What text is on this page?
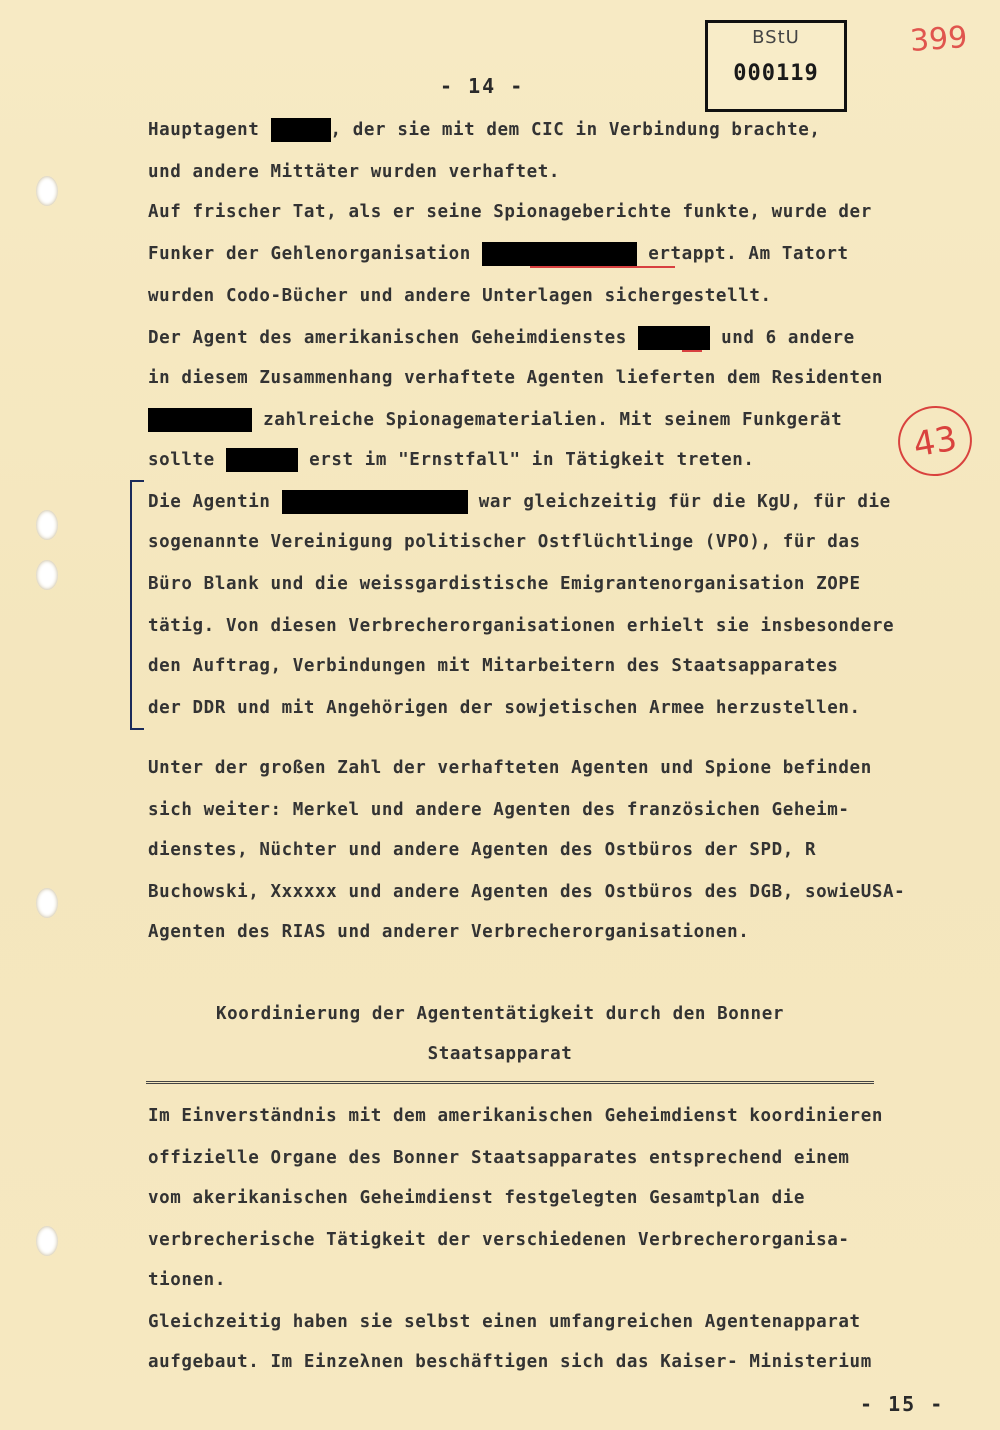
BStU
000119
399
43
- 14 -
Hauptagent	, der sie mit dem CIC in Verbindung brachte,
und andere Mittäter wurden verhaftet.
Auf frischer Tat, als er seine Spionageberichte funkte, wurde der
Funker der Gehlenorganisation	ertappt. Am Tatort
wurden Codo-Bücher und andere Unterlagen sichergestellt.
Der Agent des amerikanischen Geheimdienstes	und 6 andere
in diesem Zusammenhang verhaftete Agenten lieferten dem Residenten
zahlreiche Spionagematerialien. Mit seinem Funkgerät
sollte	erst im "Ernstfall" in Tätigkeit treten.
Die Agentin	war gleichzeitig für die KgU, für die
sogenannte Vereinigung politischer Ostflüchtlinge (VPO), für das
Büro Blank und die weissgardistische Emigrantenorganisation ZOPE
tätig. Von diesen Verbrecherorganisationen erhielt sie insbesondere
den Auftrag, Verbindungen mit Mitarbeitern des Staatsapparates
der DDR und mit Angehörigen der sowjetischen Armee herzustellen.
Unter der großen Zahl der verhafteten Agenten und Spione befinden
sich weiter: Merkel und andere Agenten des französichen Geheim-
dienstes, Nüchter und andere Agenten des Ostbüros der SPD, R
Buchowski, Xxxxxx und andere Agenten des Ostbüros des DGB, sowieUSA-
Agenten des RIAS und anderer Verbrecherorganisationen.
Im Einverständnis mit dem amerikanischen Geheimdienst koordinieren
offizielle Organe des Bonner Staatsapparates entsprechend einem
vom akerikanischen Geheimdienst festgelegten Gesamtplan die
verbrecherische Tätigkeit der verschiedenen Verbrecherorganisa-
tionen.
Gleichzeitig haben sie selbst einen umfangreichen Agentenapparat
aufgebaut. Im Einzeλnen beschäftigen sich das Kaiser- Ministerium
Koordinierung der Agententätigkeit durch den Bonner
Staatsapparat
- 15 -
